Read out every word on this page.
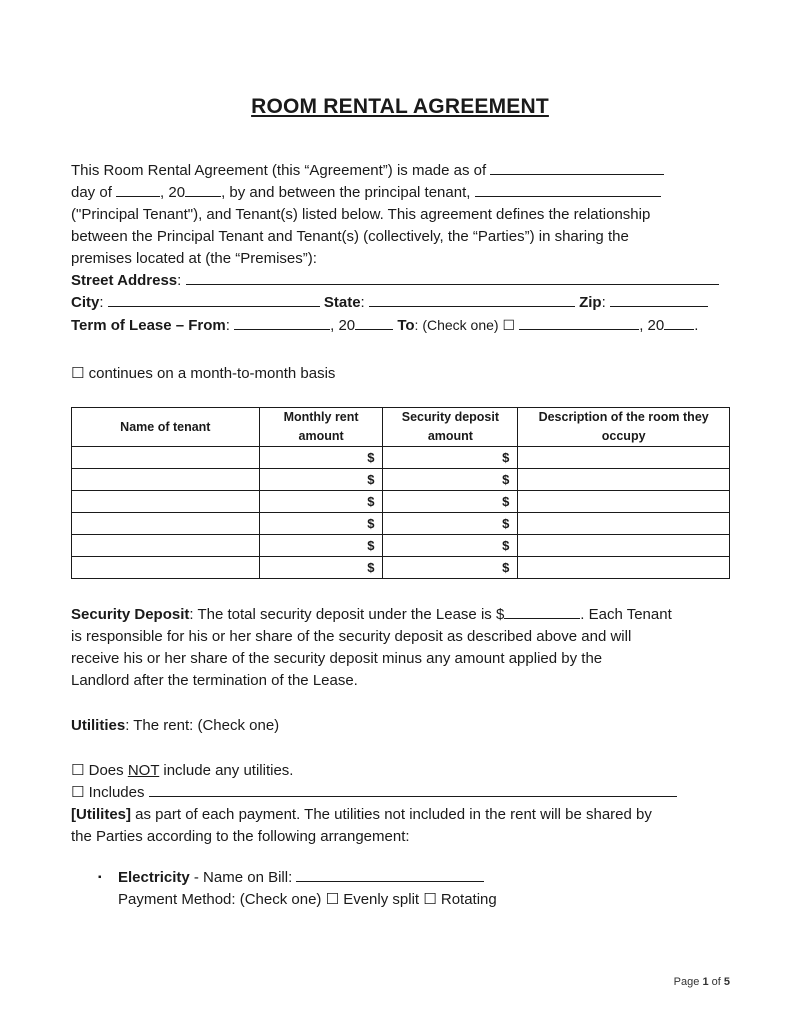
ROOM RENTAL AGREEMENT
This Room Rental Agreement (this “Agreement”) is made as of
day of	, 20 , by and between the principal tenant,
("Principal Tenant"), and Tenant(s) listed below. This agreement defines the relationship
between the Principal Tenant and Tenant(s) (collectively, the “Parties”) in sharing the
premises located at (the “Premises”):
Street Address:
City:	State:	Zip:
Term of Lease – From:	, 20	To: (Check one) ☐	, 20 .
☐ continues on a month-to-month basis
Name of tenant	Monthly rent amount	Security deposit amount	Description of the room they occupy
	$	$	
	$	$	
	$	$	
	$	$	
	$	$	
	$	$	
Security Deposit: The total security deposit under the Lease is $	. Each Tenant
is responsible for his or her share of the security deposit as described above and will
receive his or her share of the security deposit minus any amount applied by the
Landlord after the termination of the Lease.
Utilities: The rent: (Check one)
☐ Does NOT include any utilities.
☐ Includes
[Utilites] as part of each payment. The utilities not included in the rent will be shared by
the Parties according to the following arrangement:
▪ Electricity - Name on Bill:
Payment Method: (Check one) ☐ Evenly split ☐ Rotating
Page 1 of 5
